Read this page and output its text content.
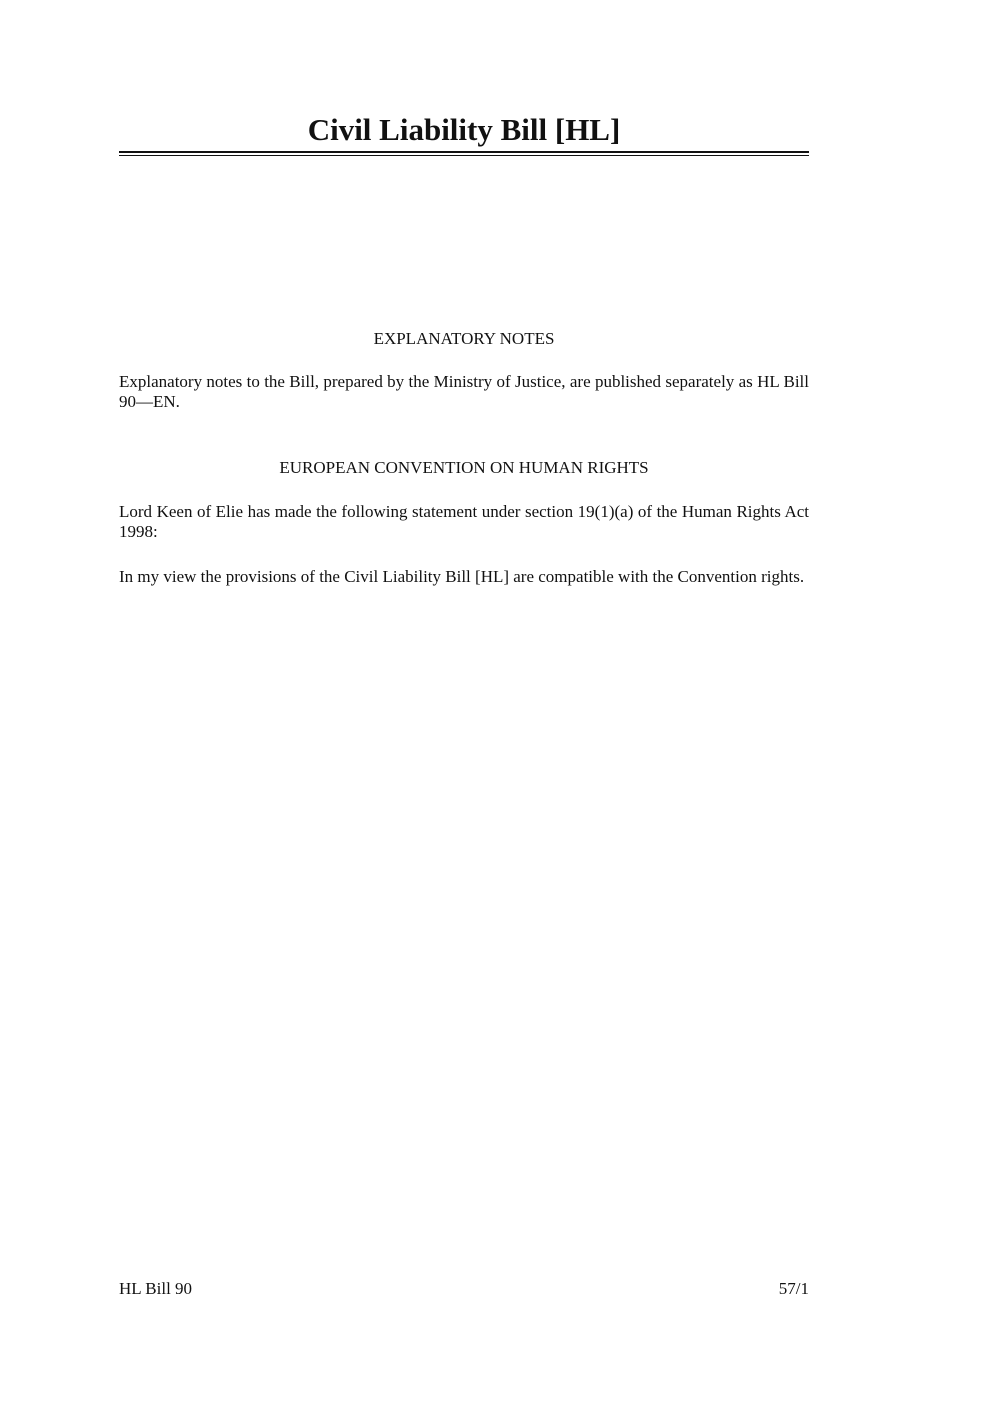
Civil Liability Bill [HL]
EXPLANATORY NOTES

Explanatory notes to the Bill, prepared by the Ministry of Justice, are published separately as HL Bill 90—EN.

EUROPEAN CONVENTION ON HUMAN RIGHTS

Lord Keen of Elie has made the following statement under section 19(1)(a) of the Human Rights Act 1998:

In my view the provisions of the Civil Liability Bill [HL] are compatible with the Convention rights.

HL Bill 90	57/1
